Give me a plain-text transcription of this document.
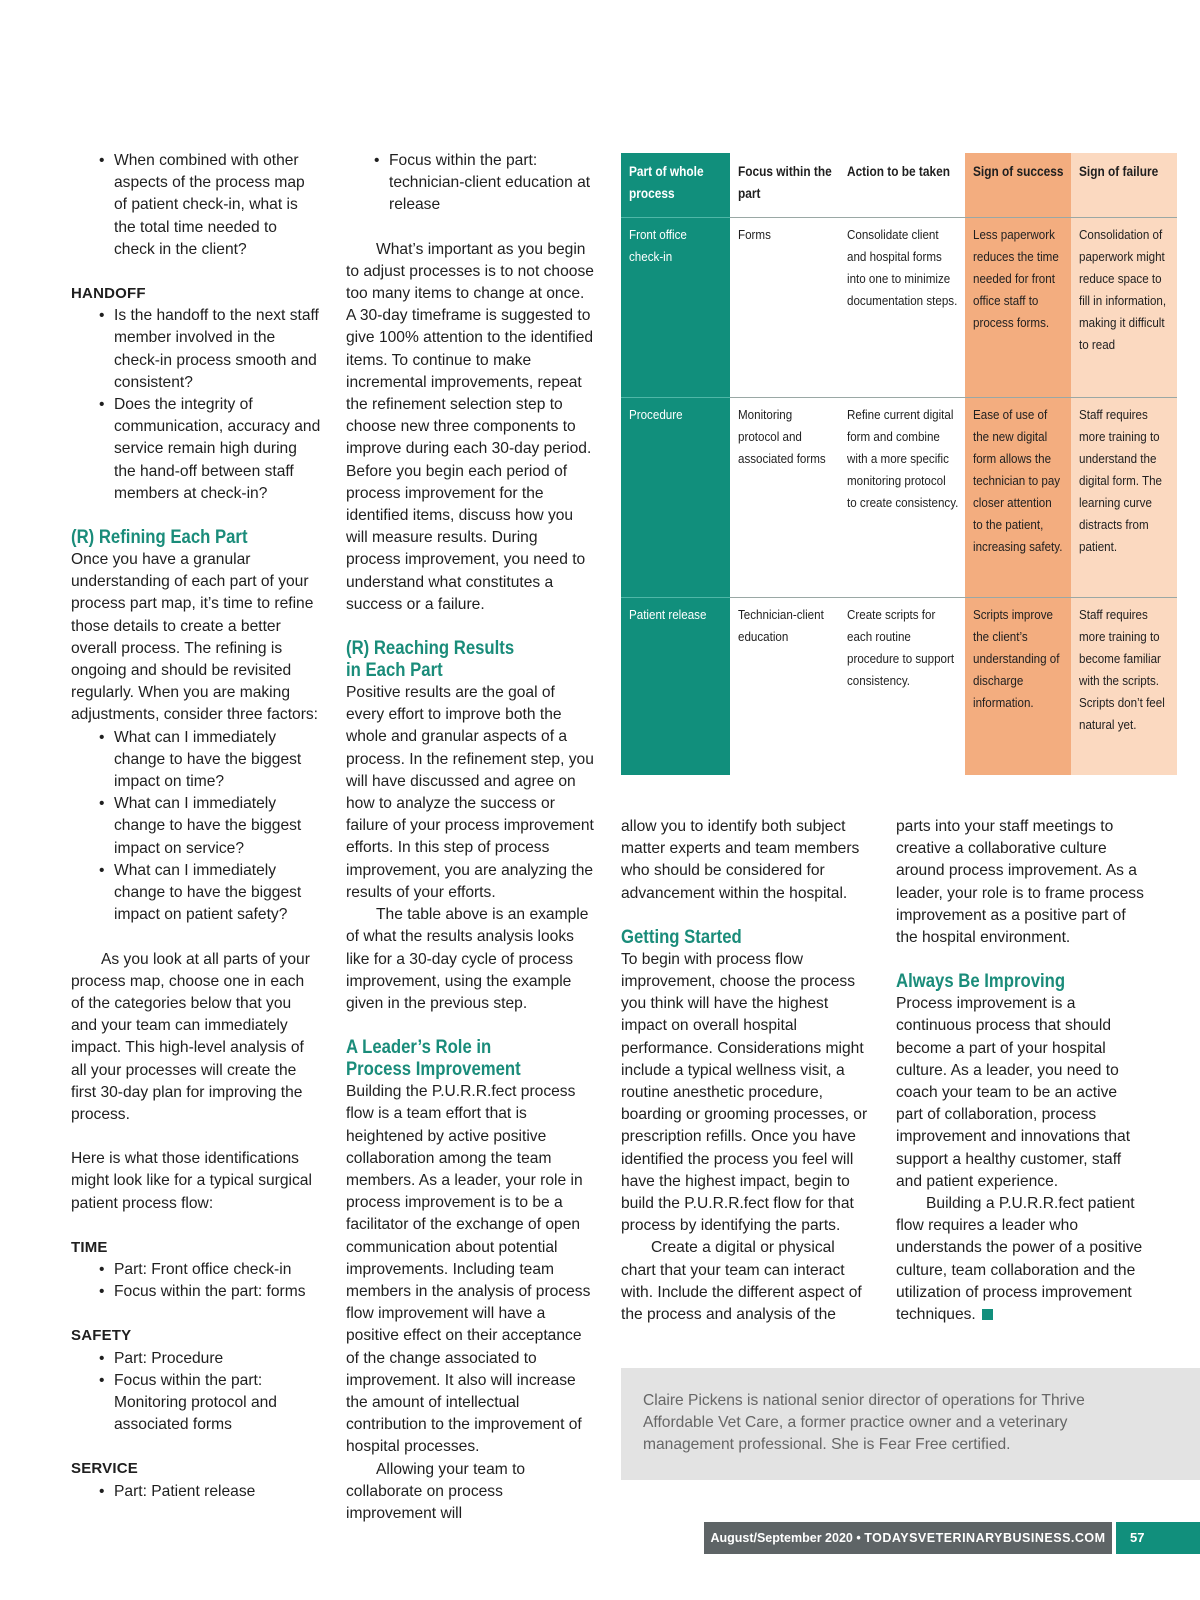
• When combined with other aspects of the process map of patient check-in, what is the total time needed to check in the client?

HANDOFF

• Is the handoff to the next staff member involved in the check-in process smooth and consistent?
• Does the integrity of communication, accuracy and service remain high during the hand-off between staff members at check-in?

(R) Refining Each Part

Once you have a granular understanding of each part of your process part map, it’s time to refine those details to create a better overall process. The refining is ongoing and should be revisited regularly. When you are making adjustments, consider three factors:

• What can I immediately change to have the biggest impact on time?
• What can I immediately change to have the biggest impact on service?
• What can I immediately change to have the biggest impact on patient safety?

As you look at all parts of your process map, choose one in each of the categories below that you and your team can immediately impact. This high-level analysis of all your processes will create the first 30-day plan for improving the process.

Here is what those identifications might look like for a typical surgical patient process flow:

TIME

• Part: Front office check-in
• Focus within the part: forms

SAFETY

• Part: Procedure
• Focus within the part: Monitoring protocol and associated forms

SERVICE

• Part: Patient release
• Focus within the part: technician-client education at release

What’s important as you begin to adjust processes is to not choose too many items to change at once. A 30-day timeframe is suggested to give 100% attention to the identified items. To continue to make incremental improvements, repeat the refinement selection step to choose new three components to improve during each 30-day period. Before you begin each period of process improvement for the identified items, discuss how you will measure results. During process improvement, you need to understand what constitutes a success or a failure.

(R) Reaching Results

in Each Part

Positive results are the goal of every effort to improve both the whole and granular aspects of a process. In the refinement step, you will have discussed and agree on how to analyze the success or failure of your process improvement efforts. In this step of process improvement, you are analyzing the results of your efforts.

The table above is an example of what the results analysis looks like for a 30-day cycle of process improvement, using the example given in the previous step.

A Leader’s Role in

Process Improvement

Building the P.U.R.R.fect process flow is a team effort that is heightened by active positive collaboration among the team members. As a leader, your role in process improvement is to be a facilitator of the exchange of open communication about potential improvements. Including team members in the analysis of process flow improvement will have a positive effect on their acceptance of the change associated to improvement. It also will increase the amount of intellectual contribution to the improvement of hospital processes.

Allowing your team to collaborate on process improvement will

Part of whole process	Focus within the part	Action to be taken	Sign of success	Sign of failure

Front office check-in	Forms	Consolidate client and hospital forms into one to minimize documentation steps.	Less paperwork reduces the time needed for front office staff to process forms.	Consolidation of paperwork might reduce space to fill in information, making it difficult to read

Procedure	Monitoring protocol and associated forms	Refine current digital form and combine with a more specific monitoring protocol to create consistency.	Ease of use of the new digital form allows the technician to pay closer attention to the patient, increasing safety.	Staff requires more training to understand the digital form. The learning curve distracts from patient.

Patient release	Technician-client education	Create scripts for each routine procedure to support consistency.	Scripts improve the client’s understanding of discharge information.	Staff requires more training to become familiar with the scripts. Scripts don’t feel natural yet.

allow you to identify both subject matter experts and team members who should be considered for advancement within the hospital.

Getting Started

To begin with process flow improvement, choose the process you think will have the highest impact on overall hospital performance. Considerations might include a typical wellness visit, a routine anesthetic procedure, boarding or grooming processes, or prescription refills. Once you have identified the process you feel will have the highest impact, begin to build the P.U.R.R.fect flow for that process by identifying the parts.

Create a digital or physical chart that your team can interact with. Include the different aspect of the process and analysis of the

parts into your staff meetings to creative a collaborative culture around process improvement. As a leader, your role is to frame process improvement as a positive part of the hospital environment.

Always Be Improving

Process improvement is a continuous process that should become a part of your hospital culture. As a leader, you need to coach your team to be an active part of collaboration, process improvement and innovations that support a healthy customer, staff and patient experience.

Building a P.U.R.R.fect patient flow requires a leader who understands the power of a positive culture, team collaboration and the utilization of process improvement techniques.

Claire Pickens is national senior director of operations for Thrive Affordable Vet Care, a former practice owner and a veterinary management professional. She is Fear Free certified.

August/September 2020 • TODAYSVETERINARYBUSINESS.COM	57
